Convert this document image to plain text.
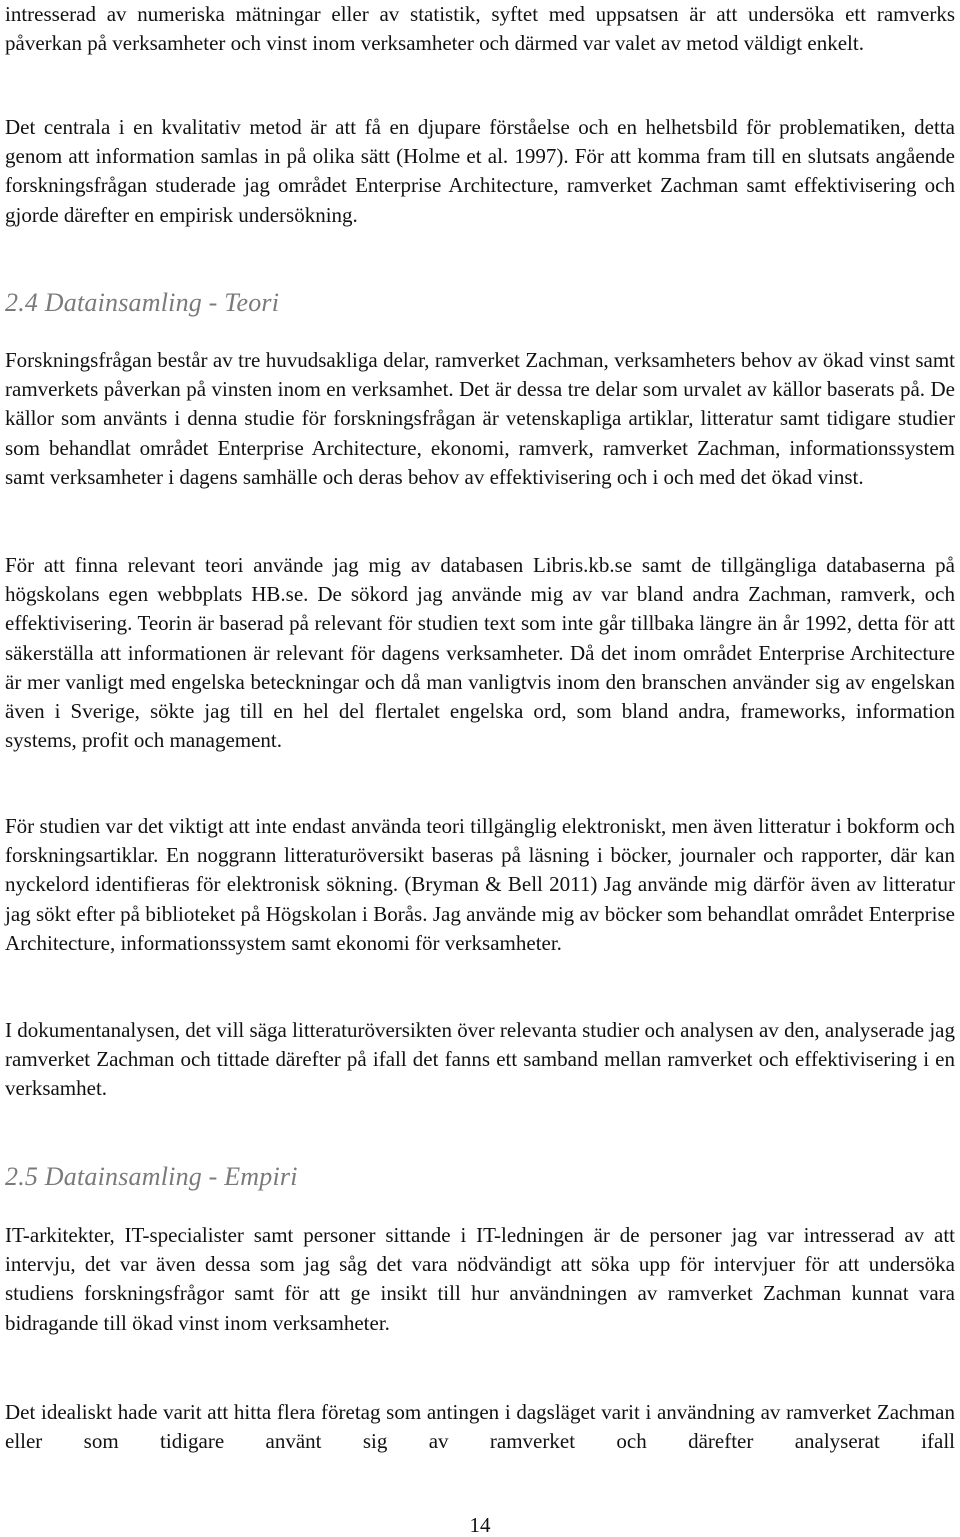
intresserad av numeriska mätningar eller av statistik, syftet med uppsatsen är att undersöka ett ramverks påverkan på verksamheter och vinst inom verksamheter och därmed var valet av metod väldigt enkelt.

Det centrala i en kvalitativ metod är att få en djupare förståelse och en helhetsbild för problematiken, detta genom att information samlas in på olika sätt (Holme et al. 1997). För att komma fram till en slutsats angående forskningsfrågan studerade jag området Enterprise Architecture, ramverket Zachman samt effektivisering och gjorde därefter en empirisk undersökning.

2.4 Datainsamling - Teori

Forskningsfrågan består av tre huvudsakliga delar, ramverket Zachman, verksamheters behov av ökad vinst samt ramverkets påverkan på vinsten inom en verksamhet. Det är dessa tre delar som urvalet av källor baserats på. De källor som använts i denna studie för forskningsfrågan är vetenskapliga artiklar, litteratur samt tidigare studier som behandlat området Enterprise Architecture, ekonomi, ramverk, ramverket Zachman, informationssystem samt verksamheter i dagens samhälle och deras behov av effektivisering och i och med det ökad vinst.

För att finna relevant teori använde jag mig av databasen Libris.kb.se samt de tillgängliga databaserna på högskolans egen webbplats HB.se. De sökord jag använde mig av var bland andra Zachman, ramverk, och effektivisering. Teorin är baserad på relevant för studien text som inte går tillbaka längre än år 1992, detta för att säkerställa att informationen är relevant för dagens verksamheter. Då det inom området Enterprise Architecture är mer vanligt med engelska beteckningar och då man vanligtvis inom den branschen använder sig av engelskan även i Sverige, sökte jag till en hel del flertalet engelska ord, som bland andra, frameworks, information systems, profit och management.

För studien var det viktigt att inte endast använda teori tillgänglig elektroniskt, men även litteratur i bokform och forskningsartiklar. En noggrann litteraturöversikt baseras på läsning i böcker, journaler och rapporter, där kan nyckelord identifieras för elektronisk sökning. (Bryman & Bell 2011) Jag använde mig därför även av litteratur jag sökt efter på biblioteket på Högskolan i Borås. Jag använde mig av böcker som behandlat området Enterprise Architecture, informationssystem samt ekonomi för verksamheter.

I dokumentanalysen, det vill säga litteraturöversikten över relevanta studier och analysen av den, analyserade jag ramverket Zachman och tittade därefter på ifall det fanns ett samband mellan ramverket och effektivisering i en verksamhet.

2.5 Datainsamling - Empiri

IT-arkitekter, IT-specialister samt personer sittande i IT-ledningen är de personer jag var intresserad av att intervju, det var även dessa som jag såg det vara nödvändigt att söka upp för intervjuer för att undersöka studiens forskningsfrågor samt för att ge insikt till hur användningen av ramverket Zachman kunnat vara bidragande till ökad vinst inom verksamheter.

Det idealiskt hade varit att hitta flera företag som antingen i dagsläget varit i användning av ramverket Zachman eller som tidigare använt sig av ramverket och därefter analyserat ifall

14
